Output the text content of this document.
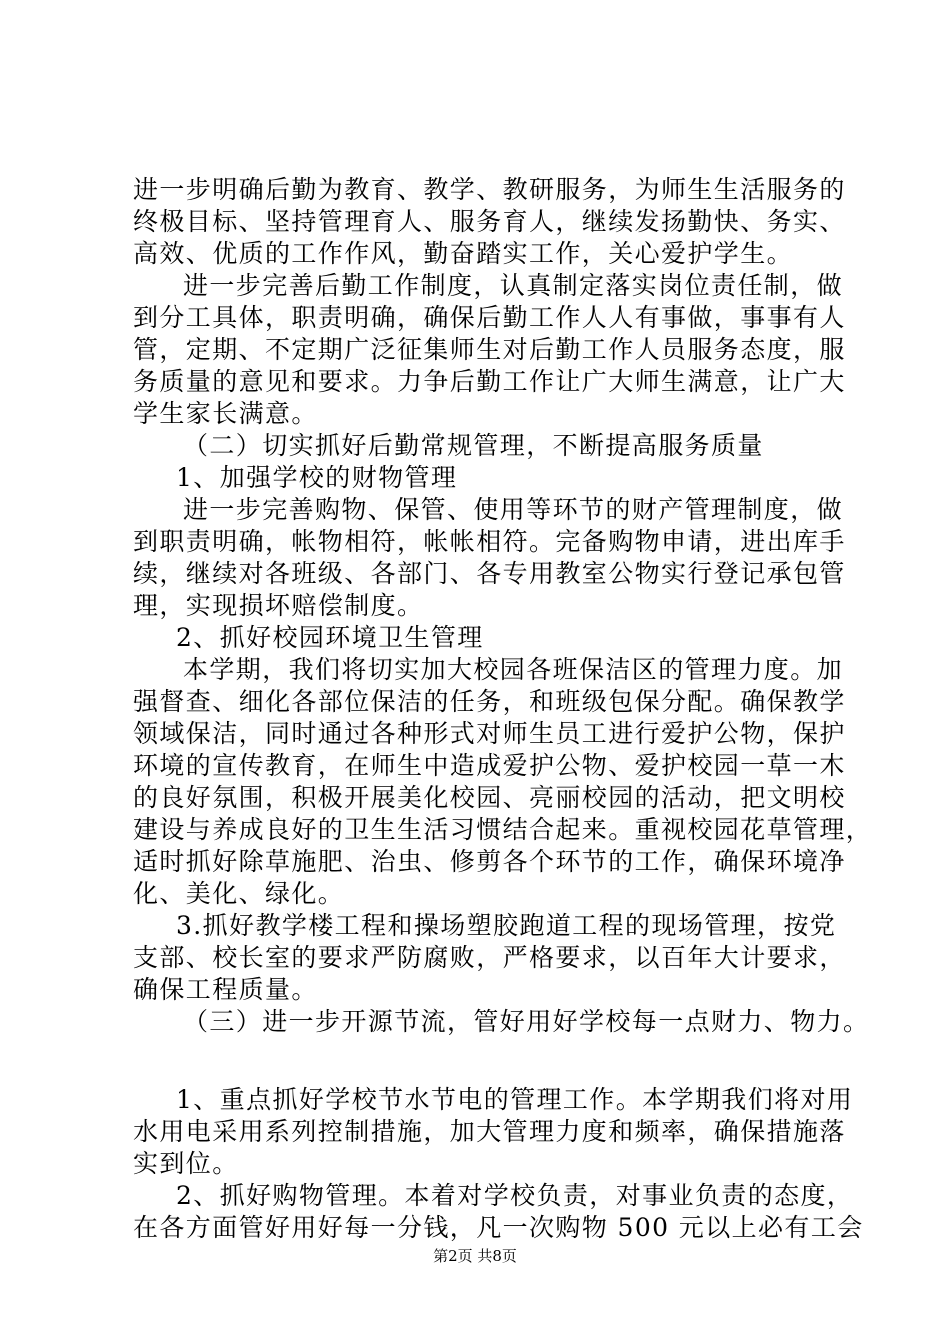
进一步明确后勤为教育、教学、教研服务，为师生生活服务的
终极目标、坚持管理育人、服务育人，继续发扬勤快、务实、
高效、优质的工作作风，勤奋踏实工作，关心爱护学生。
进一步完善后勤工作制度，认真制定落实岗位责任制，做
到分工具体，职责明确，确保后勤工作人人有事做，事事有人
管，定期、不定期广泛征集师生对后勤工作人员服务态度，服
务质量的意见和要求。力争后勤工作让广大师生满意，让广大
学生家长满意。
（二）切实抓好后勤常规管理，不断提高服务质量
1、加强学校的财物管理
进一步完善购物、保管、使用等环节的财产管理制度，做
到职责明确，帐物相符，帐帐相符。完备购物申请，进出库手
续，继续对各班级、各部门、各专用教室公物实行登记承包管
理，实现损坏赔偿制度。
2、抓好校园环境卫生管理
本学期，我们将切实加大校园各班保洁区的管理力度。加
强督查、细化各部位保洁的任务，和班级包保分配。确保教学
领域保洁，同时通过各种形式对师生员工进行爱护公物，保护
环境的宣传教育，在师生中造成爱护公物、爱护校园一草一木
的良好氛围，积极开展美化校园、亮丽校园的活动，把文明校
建设与养成良好的卫生生活习惯结合起来。重视校园花草管理，
适时抓好除草施肥、治虫、修剪各个环节的工作，确保环境净
化、美化、绿化。
3.抓好教学楼工程和操场塑胶跑道工程的现场管理，按党
支部、校长室的要求严防腐败，严格要求，以百年大计要求，
确保工程质量。
（三）进一步开源节流，管好用好学校每一点财力、物力。
1、重点抓好学校节水节电的管理工作。本学期我们将对用
水用电采用系列控制措施，加大管理力度和频率，确保措施落
实到位。
2、抓好购物管理。本着对学校负责，对事业负责的态度，
在各方面管好用好每一分钱，凡一次购物 500 元以上必有工会
第2页 共8页
